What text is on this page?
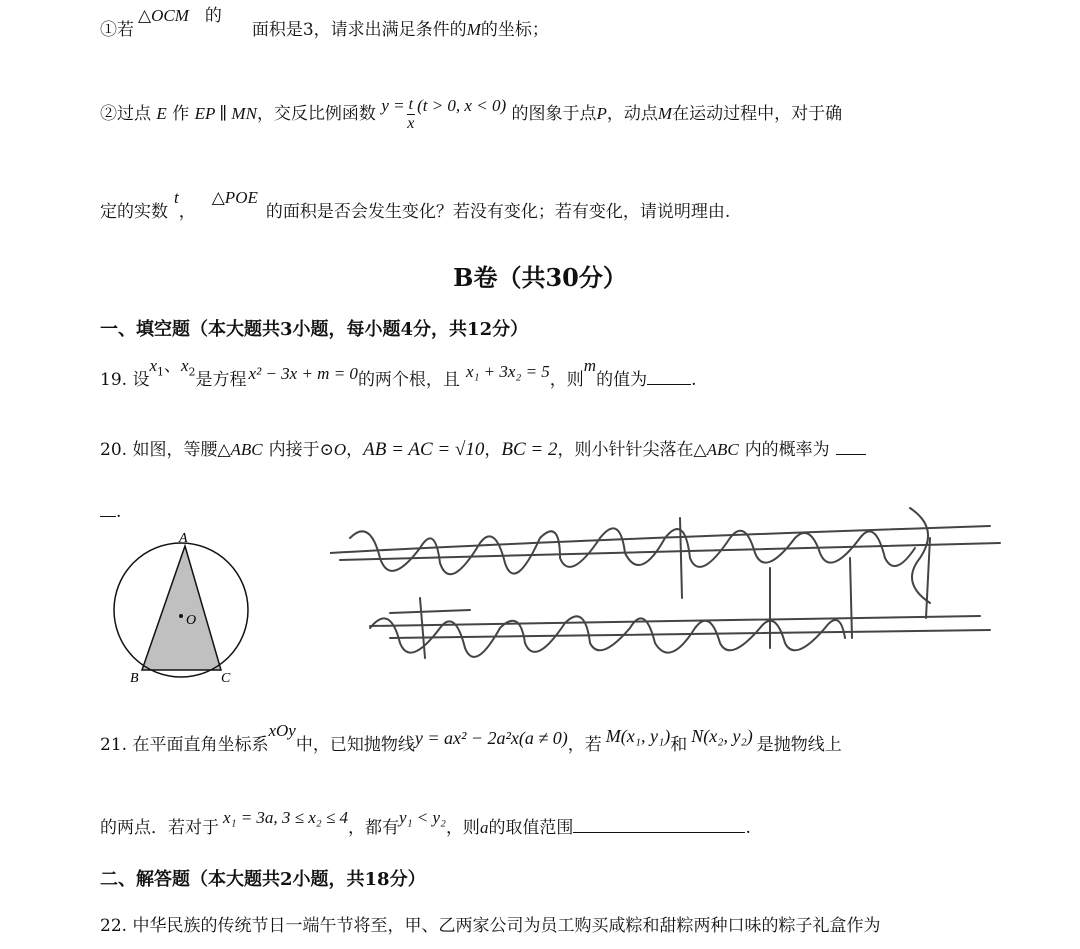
①若△OCM 的面积是3，请求出满足条件的M的坐标；
②过点 E 作 EP ∥ MN，交反比例函数 $y = \frac{t}{x} (t > 0$, x < 0) 的图象于点P，动点M在运动过程中，对于确
定的实数t，△POE的面积是否会发生变化？若没有变化；若有变化，请说明理由.
B卷（共30分）
一、填空题（本大题共3小题，每小题4分，共12分）
19. 设$x_1$、$x_2$是方程 x² − 3x + m = 0的两个根，且 x₁ + 3x₂ = 5，则m的值为	.
20. 如图，等腰△ABC 内接于⊙O，AB = AC = √10，BC = 2，则小针针尖落在△ABC 内的概率为
.
A
B	C
O
21. 在平面直角坐标系xOy中，已知抛物线y = ax² − 2a²x(a ≠ 0)，若 M(x₁, y₁)和 N(x₂, y₂) 是抛物线上
的两点．若对于x₁ = 3a, 3 ≤ x₂ ≤ 4，都有y₁ < y₂，则a的取值范围	.
二、解答题（本大题共2小题，共18分）
22. 中华民族的传统节日一端午节将至，甲、乙两家公司为员工购买咸粽和甜粽两种口味的粽子礼盒作为
